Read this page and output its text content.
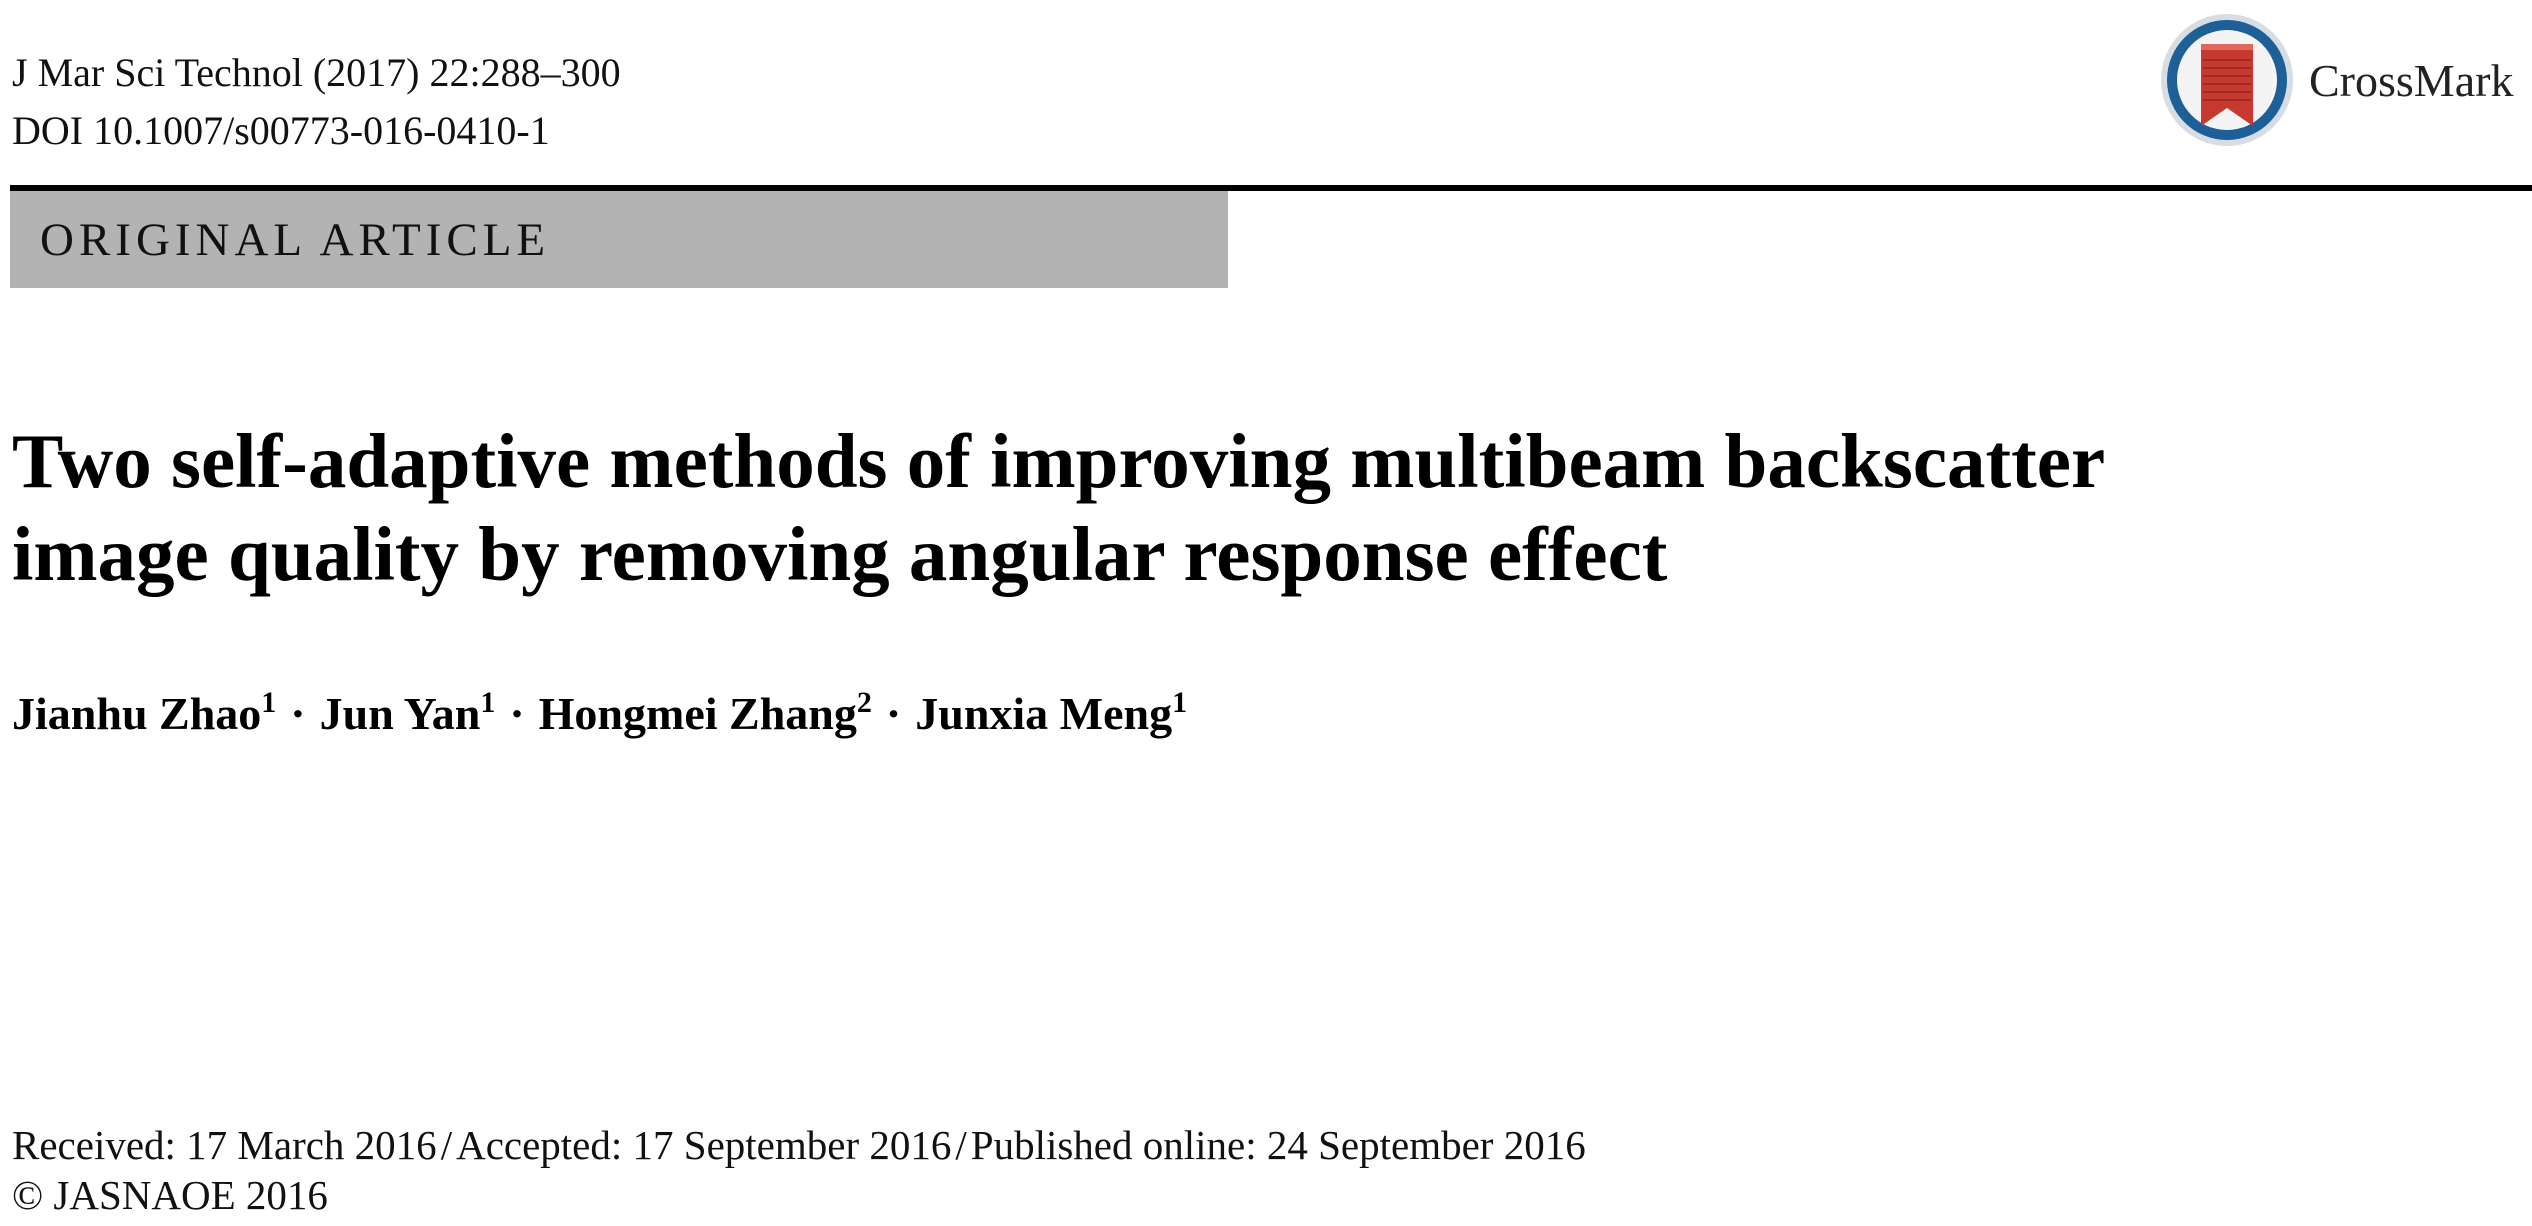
J Mar Sci Technol (2017) 22:288–300
DOI 10.1007/s00773-016-0410-1
CrossMark
ORIGINAL ARTICLE
Two self-adaptive methods of improving multibeam backscatter
image quality by removing angular response effect
Jianhu Zhao$^1$ · Jun Yan$^1$ · Hongmei Zhang$^2$ · Junxia Meng$^1$
Received: 17 March 2016/Accepted: 17 September 2016/Published online: 24 September 2016
© JASNAOE 2016
